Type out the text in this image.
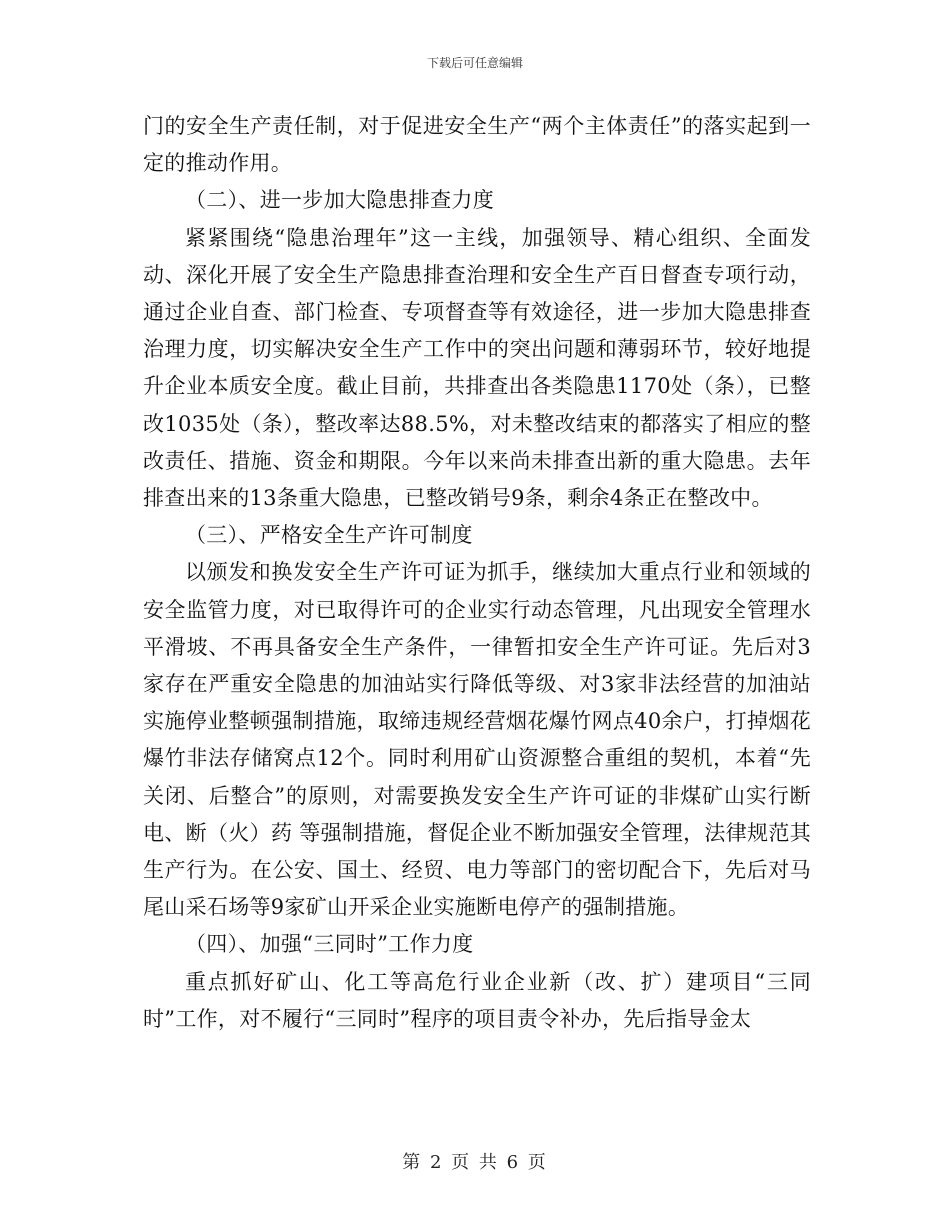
下载后可任意编辑

门的安全生产责任制，对于促进安全生产“两个主体责任”的落实起到一定的推动作用。

（二）、进一步加大隐患排查力度

紧紧围绕“隐患治理年”这一主线，加强领导、精心组织、全面发动、深化开展了安全生产隐患排查治理和安全生产百日督查专项行动，通过企业自查、部门检查、专项督查等有效途径，进一步加大隐患排查治理力度，切实解决安全生产工作中的突出问题和薄弱环节，较好地提升企业本质安全度。截止目前，共排查出各类隐患1170处（条），已整改1035处（条），整改率达88.5%，对未整改结束的都落实了相应的整改责任、措施、资金和期限。今年以来尚未排查出新的重大隐患。去年排查出来的13条重大隐患，已整改销号9条，剩余4条正在整改中。

（三）、严格安全生产许可制度

以颁发和换发安全生产许可证为抓手，继续加大重点行业和领域的安全监管力度，对已取得许可的企业实行动态管理，凡出现安全管理水平滑坡、不再具备安全生产条件，一律暂扣安全生产许可证。先后对3家存在严重安全隐患的加油站实行降低等级、对3家非法经营的加油站实施停业整顿强制措施，取缔违规经营烟花爆竹网点40余户，打掉烟花爆竹非法存储窝点12个。同时利用矿山资源整合重组的契机，本着“先关闭、后整合”的原则，对需要换发安全生产许可证的非煤矿山实行断电、断（火）药 等强制措施，督促企业不断加强安全管理，法律规范其生产行为。在公安、国土、经贸、电力等部门的密切配合下，先后对马尾山采石场等9家矿山开采企业实施断电停产的强制措施。

（四）、加强“三同时”工作力度

重点抓好矿山、化工等高危行业企业新（改、扩）建项目“三同时”工作，对不履行“三同时”程序的项目责令补办，先后指导金太

第 2 页 共 6 页
